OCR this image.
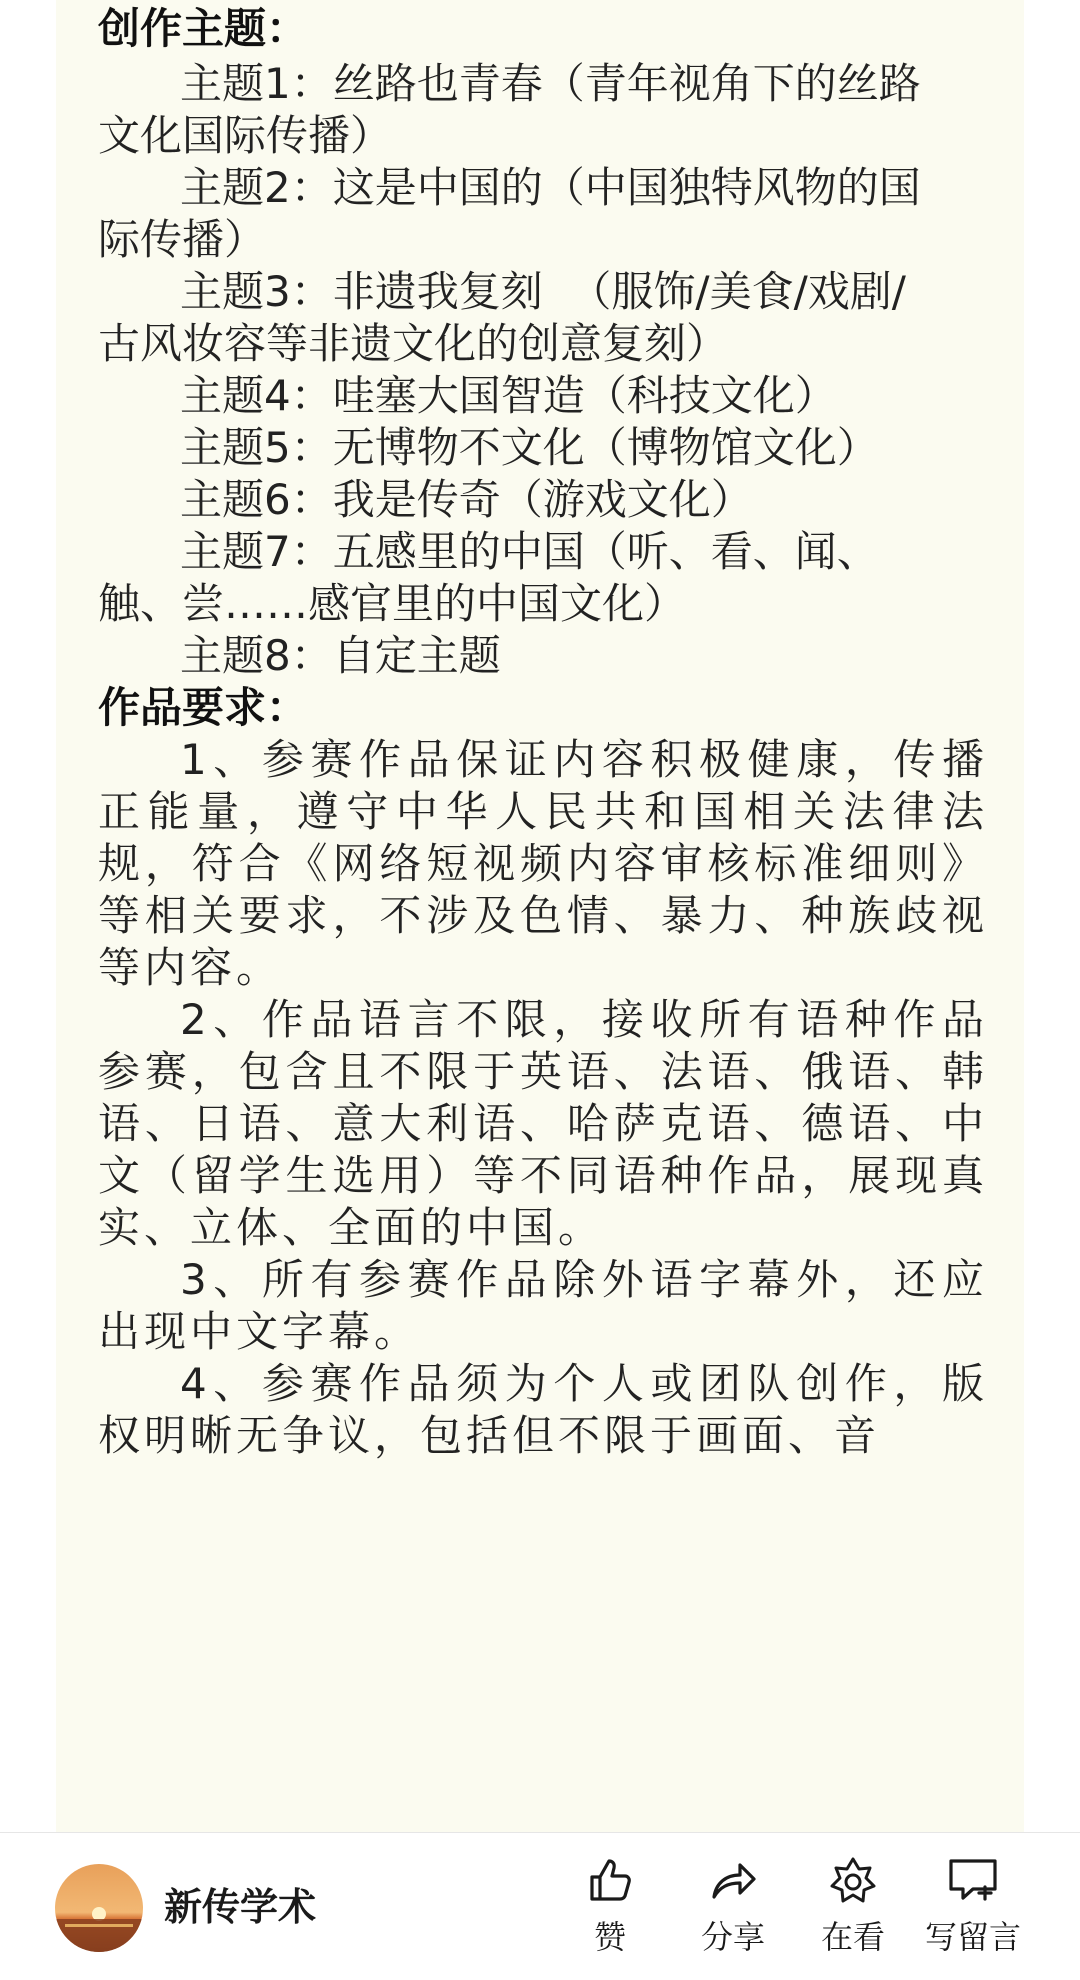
创作主题：
主题1：丝路也青春（青年视角下的丝路
文化国际传播）
主题2：这是中国的（中国独特风物的国
际传播）
主题3：非遗我复刻  （服饰/美食/戏剧/
古风妆容等非遗文化的创意复刻）
主题4：哇塞大国智造（科技文化）
主题5：无博物不文化（博物馆文化）
主题6：我是传奇（游戏文化）
主题7：五感里的中国（听、看、闻、
触、尝……感官里的中国文化）
主题8：自定主题
作品要求：

1、参赛作品保证内容积极健康，传播正能量，遵守中华人民共和国相关法律法规，符合《网络短视频内容审核标准细则》等相关要求，不涉及色情、暴力、种族歧视等内容。

2、作品语言不限，接收所有语种作品参赛，包含且不限于英语、法语、俄语、韩语、日语、意大利语、哈萨克语、德语、中文（留学生选用）等不同语种作品，展现真实、立体、全面的中国。

3、所有参赛作品除外语字幕外，还应出现中文字幕。

4、参赛作品须为个人或团队创作，版权明晰无争议，包括但不限于画面、音

新传学术
赞	分享	在看	写留言
